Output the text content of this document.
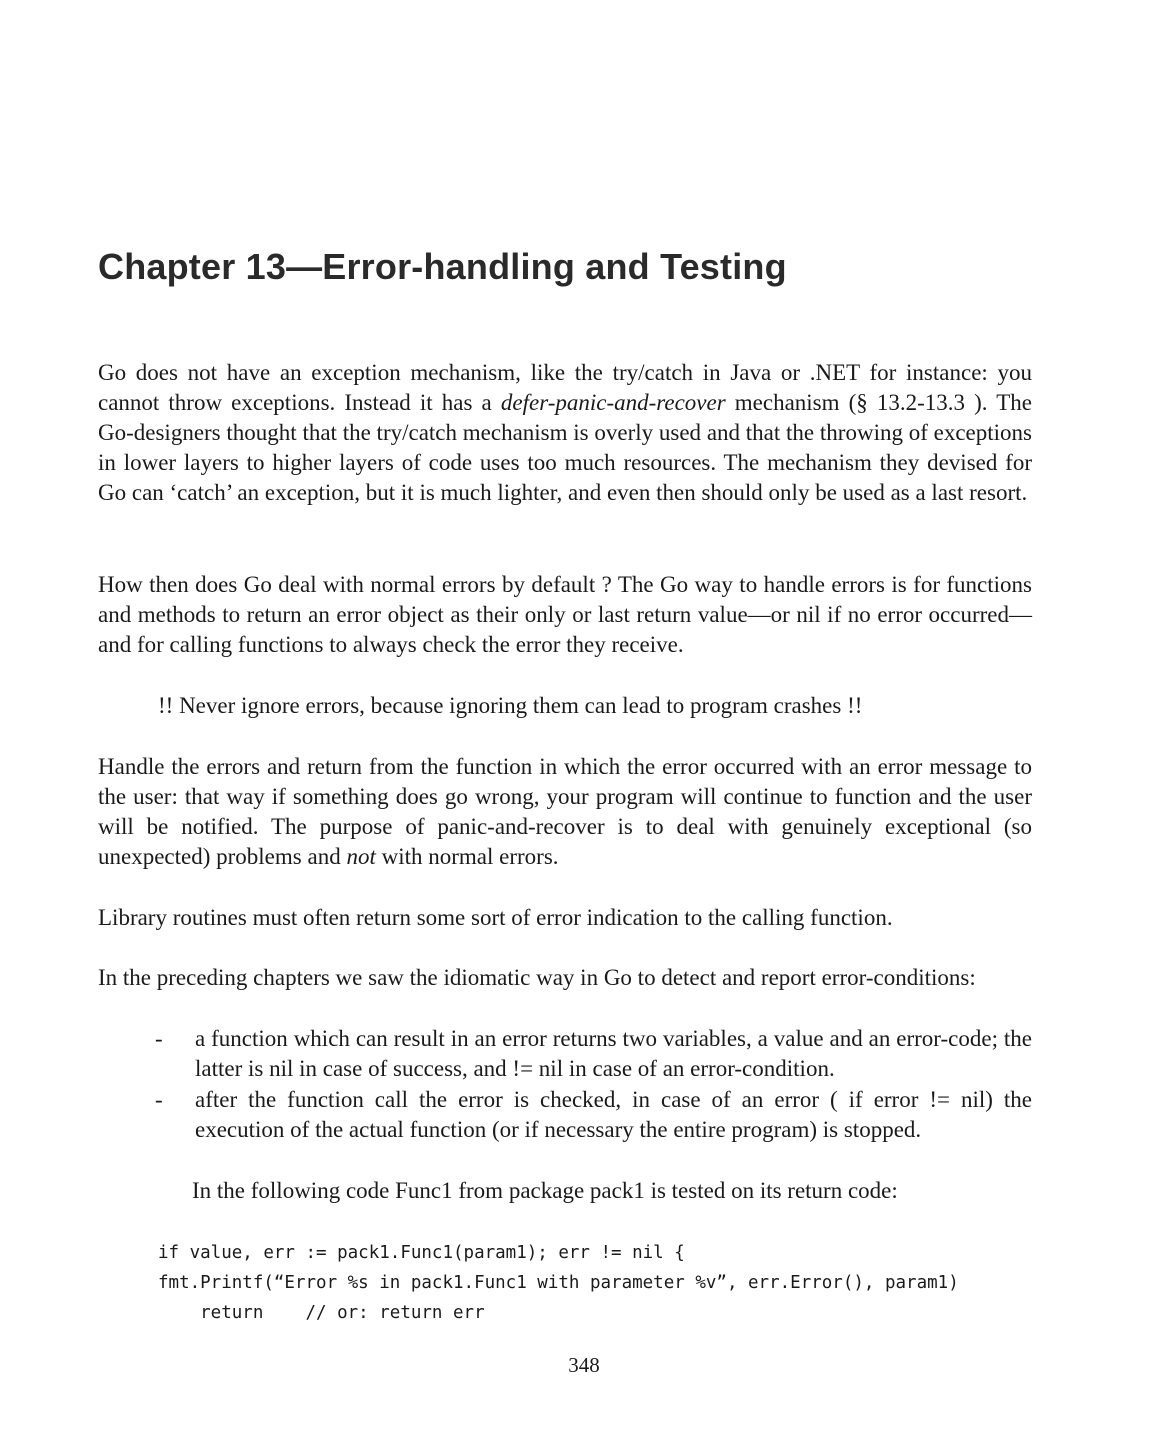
Chapter 13—Error-handling and Testing

Go does not have an exception mechanism, like the try/catch in Java or .NET for instance: you cannot throw exceptions. Instead it has a defer-panic-and-recover mechanism (§ 13.2-13.3 ). The Go-designers thought that the try/catch mechanism is overly used and that the throwing of exceptions in lower layers to higher layers of code uses too much resources. The mechanism they devised for Go can ‘catch’ an exception, but it is much lighter, and even then should only be used as a last resort.

How then does Go deal with normal errors by default ? The Go way to handle errors is for functions and methods to return an error object as their only or last return value—or nil if no error occurred—and for calling functions to always check the error they receive.

!! Never ignore errors, because ignoring them can lead to program crashes !!

Handle the errors and return from the function in which the error occurred with an error message to the user: that way if something does go wrong, your program will continue to function and the user will be notified. The purpose of panic-and-recover is to deal with genuinely exceptional (so unexpected) problems and not with normal errors.

Library routines must often return some sort of error indication to the calling function.

In the preceding chapters we saw the idiomatic way in Go to detect and report error-conditions:

-	a function which can result in an error returns two variables, a value and an error-code; the latter is nil in case of success, and != nil in case of an error-condition.
-	after the function call the error is checked, in case of an error ( if error != nil) the execution of the actual function (or if necessary the entire program) is stopped.

In the following code Func1 from package pack1 is tested on its return code:

if value, err := pack1.Func1(param1); err != nil {
fmt.Printf(“Error %s in pack1.Func1 with parameter %v”, err.Error(), param1)
return    // or: return err

348
